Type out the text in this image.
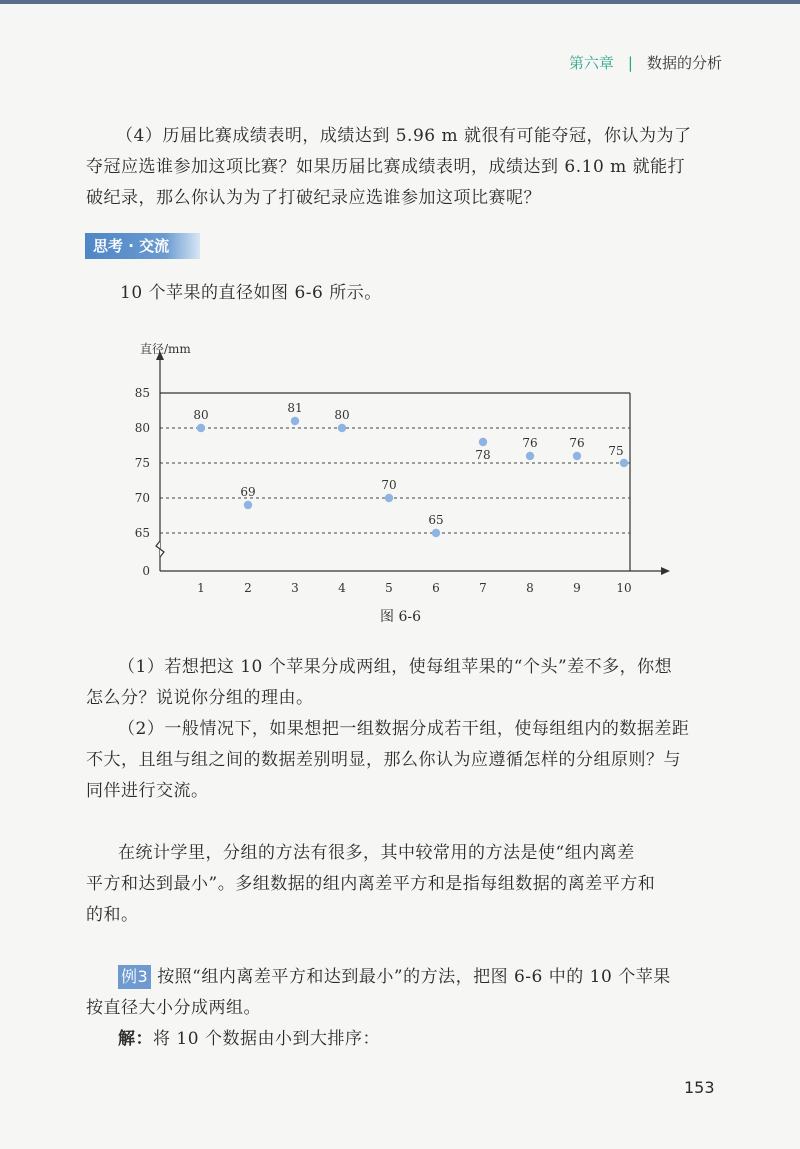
第六章 | 数据的分析
（4）历届比赛成绩表明，成绩达到 5.96 m 就很有可能夺冠，你认为为了
夺冠应选谁参加这项比赛？如果历届比赛成绩表明，成绩达到 6.10 m 就能打
破纪录，那么你认为为了打破纪录应选谁参加这项比赛呢？
思考 · 交流
10 个苹果的直径如图 6-6 所示。
直径/mm
0
65
70
75
80
85
1	2	3	4	5	6	7	8	9	10
80
69
81	80
70
65
78
76	76
75
图 6-6
（1）若想把这 10 个苹果分成两组，使每组苹果的“个头”差不多，你想
怎么分？说说你分组的理由。
（2）一般情况下，如果想把一组数据分成若干组，使每组组内的数据差距
不大，且组与组之间的数据差别明显，那么你认为应遵循怎样的分组原则？与
同伴进行交流。
在统计学里，分组的方法有很多，其中较常用的方法是使“组内离差
平方和达到最小”。多组数据的组内离差平方和是指每组数据的离差平方和
的和。
例3 按照“组内离差平方和达到最小”的方法，把图 6-6 中的 10 个苹果
按直径大小分成两组。
解：将 10 个数据由小到大排序：
153
